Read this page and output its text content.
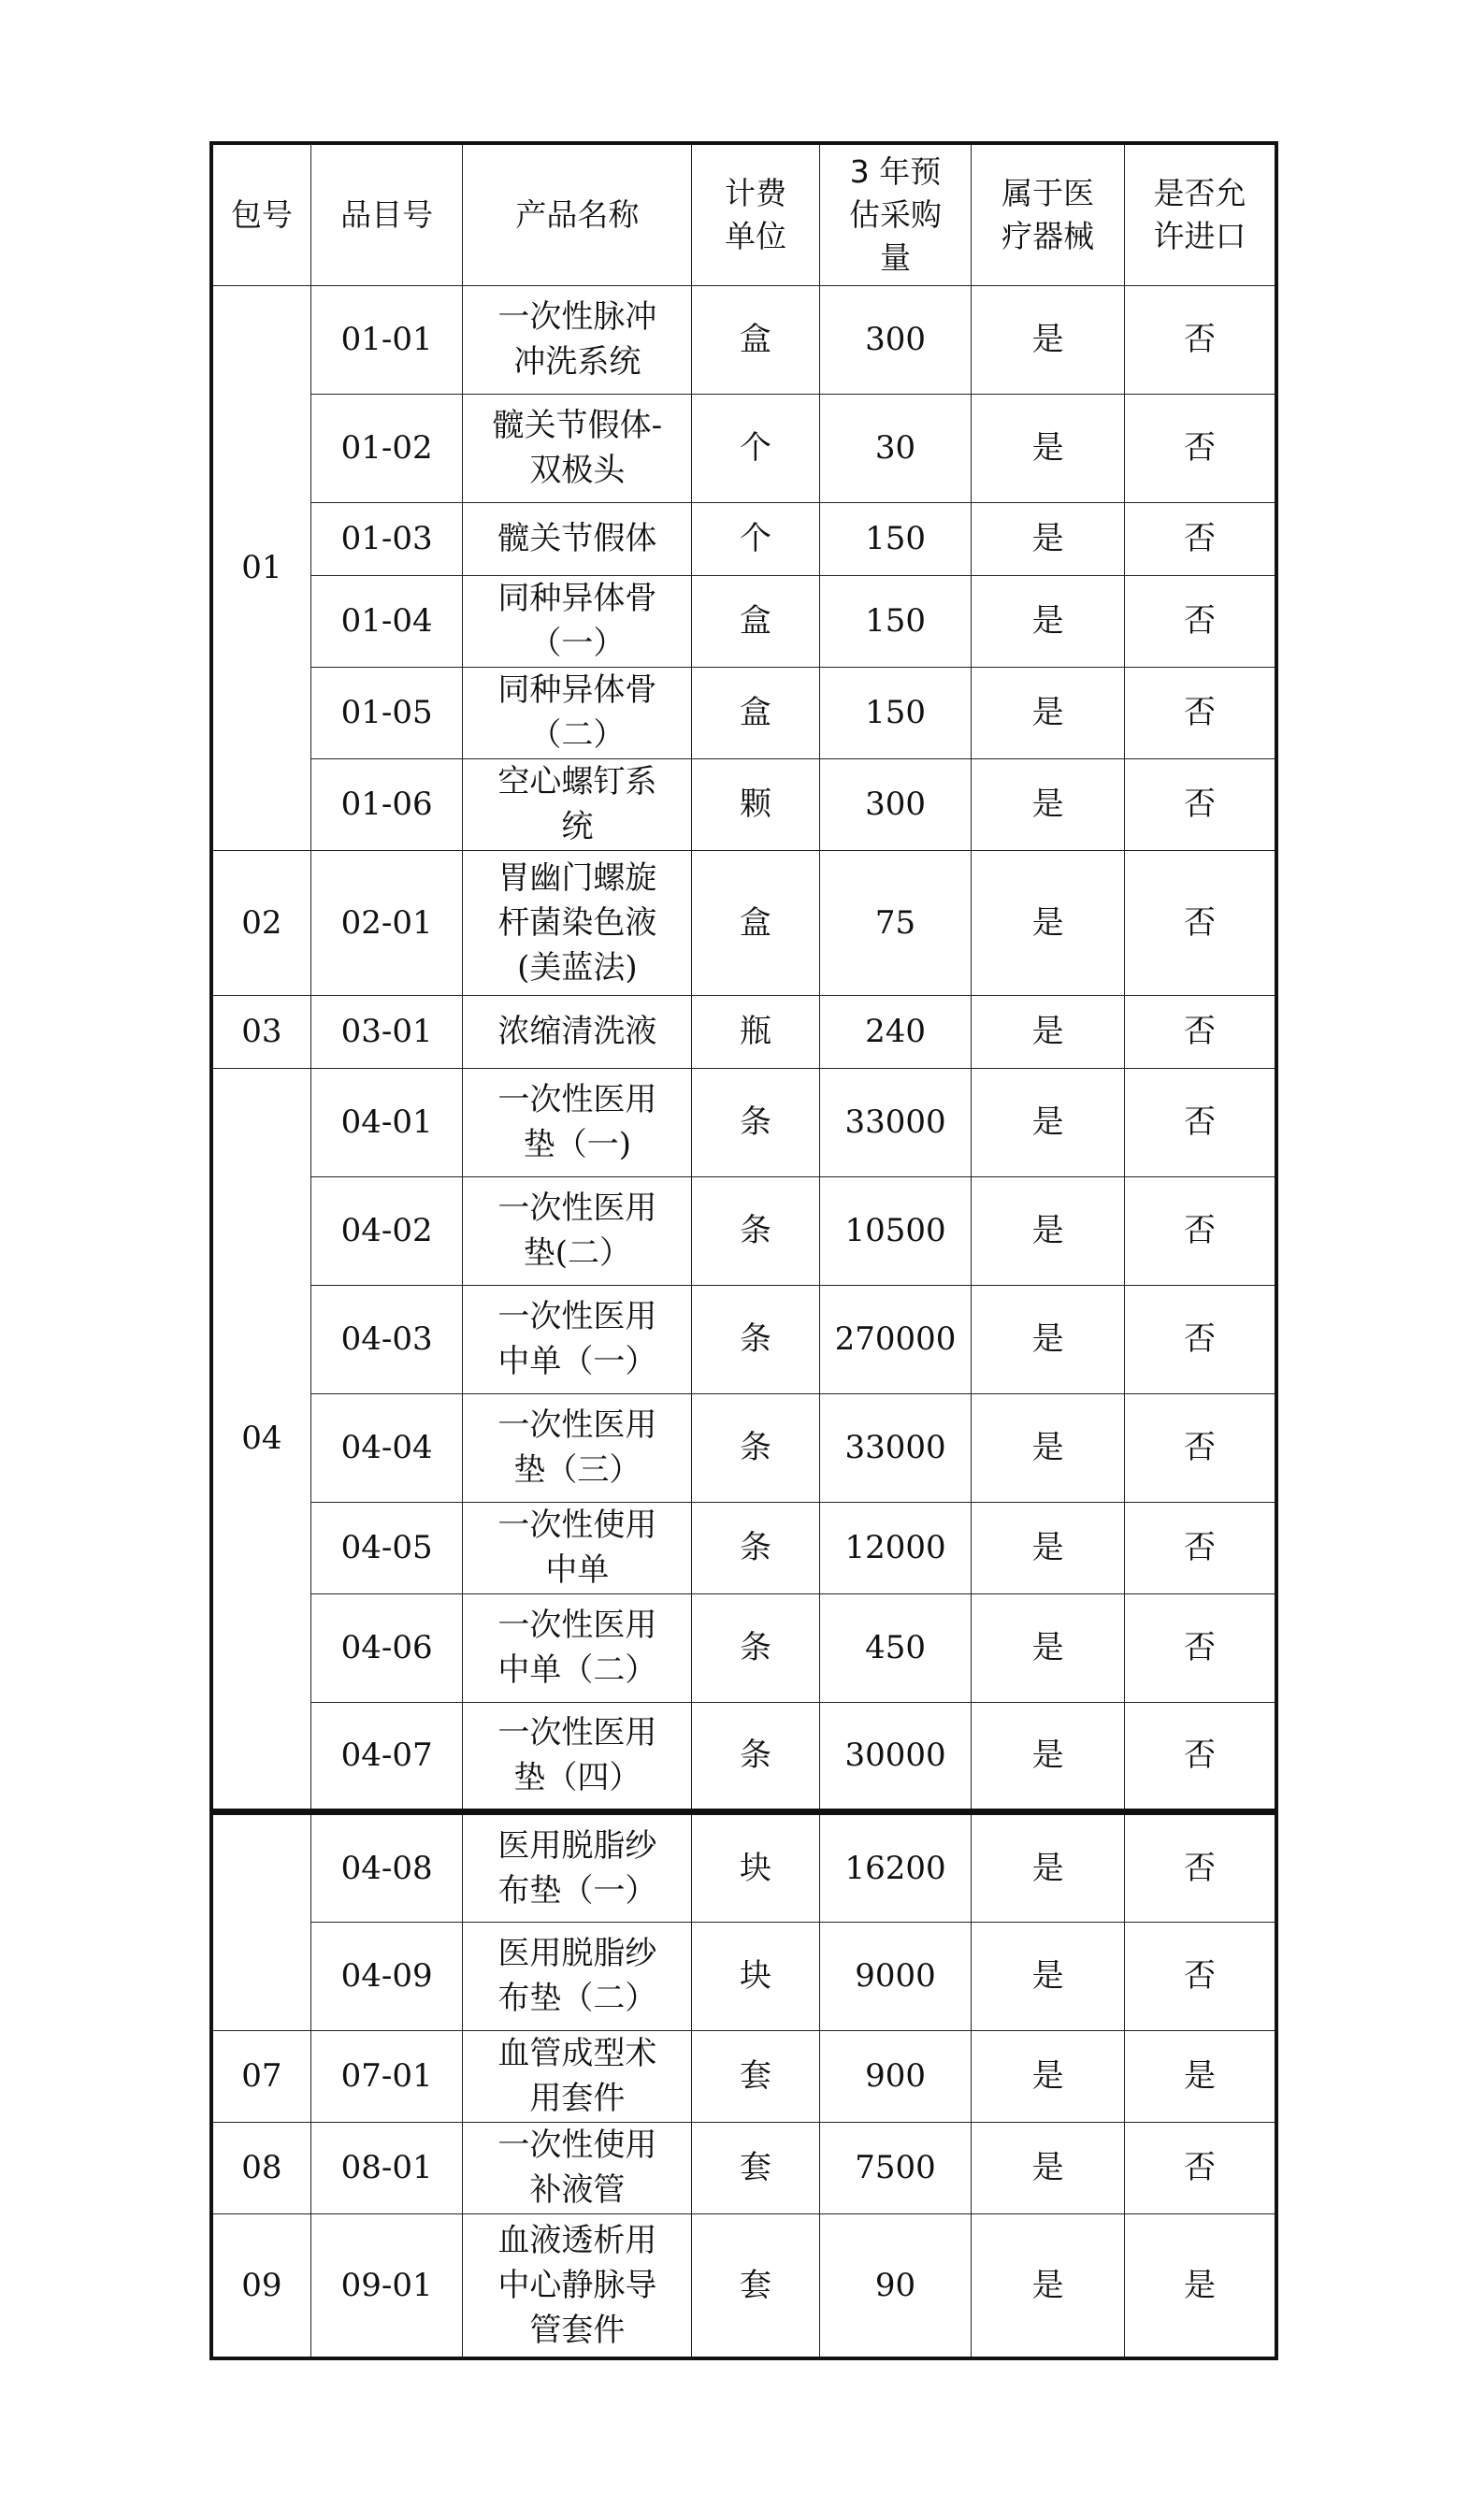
包号	品目号	产品名称	计费单位	3 年预估采购量	属于医疗器械	是否允许进口
01	01-01	一次性脉冲冲洗系统	盒	300	是	否
	01-02	髋关节假体-双极头	个	30	是	否
	01-03	髋关节假体	个	150	是	否
	01-04	同种异体骨（一）	盒	150	是	否
	01-05	同种异体骨（二）	盒	150	是	否
	01-06	空心螺钉系统	颗	300	是	否
02	02-01	胃幽门螺旋杆菌染色液(美蓝法)	盒	75	是	否
03	03-01	浓缩清洗液	瓶	240	是	否
04	04-01	一次性医用垫（一)	条	33000	是	否
	04-02	一次性医用垫(二）	条	10500	是	否
	04-03	一次性医用中单（一）	条	270000	是	否
	04-04	一次性医用垫（三）	条	33000	是	否
	04-05	一次性使用中单	条	12000	是	否
	04-06	一次性医用中单（二）	条	450	是	否
	04-07	一次性医用垫（四）	条	30000	是	否
	04-08	医用脱脂纱布垫（一）	块	16200	是	否
	04-09	医用脱脂纱布垫（二）	块	9000	是	否
07	07-01	血管成型术用套件	套	900	是	是
08	08-01	一次性使用补液管	套	7500	是	否
09	09-01	血液透析用中心静脉导管套件	套	90	是	是
